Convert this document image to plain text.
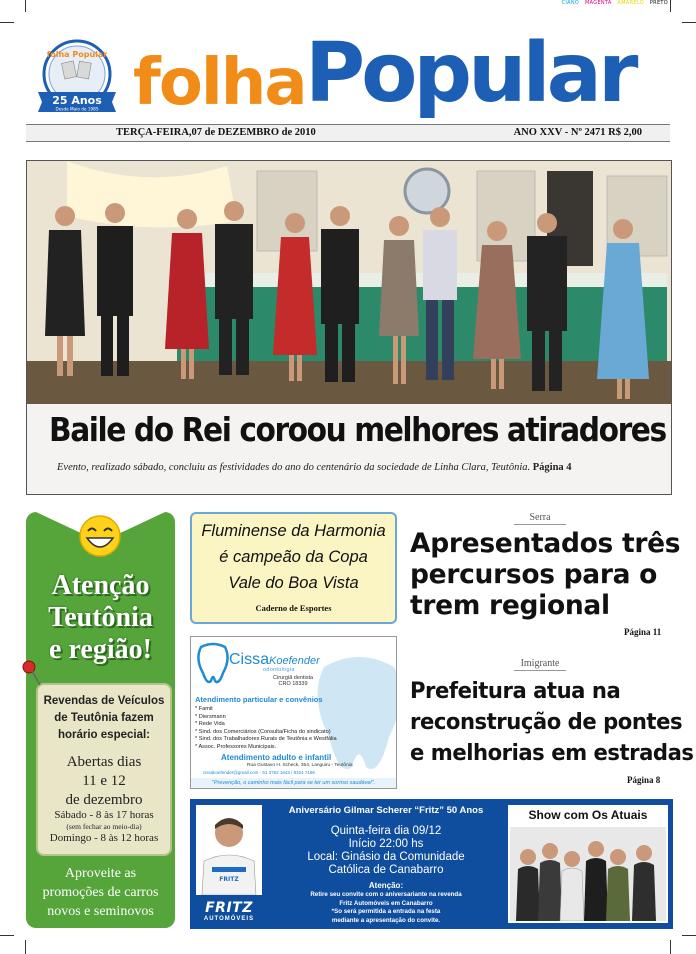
CIANO MAGENTA AMARELO PRETO
folha Popular
25 Anos
Desde Maio de 1985 folha Popular
TERÇA-FEIRA,07 de DEZEMBRO de 2010	ANO XXV - Nº 2471 R$ 2,00
Baile do Rei coroou melhores atiradores
Evento, realizado sábado, concluiu as festividades do ano do centenário da sociedade de Linha Clara, Teutônia. Página 4
Atenção
Teutônia
e região!
Aproveite as
promoções de carros
novos e seminovos
Revendas de Veículos
de Teutônia fazem
horário especial:
Abertas dias
11 e 12
de dezembro
Sábado - 8 às 17 horas
(sem fechar ao meio-dia)
Domingo - 8 às 12 horas
Fluminense da Harmonia
é campeão da Copa
Vale do Boa Vista
Caderno de Esportes
CissaKoefender
odontologia
Cirurgiã dentista
CRO 18339
Atendimento particular e convênios
* Famit
* Diersmann
* Rede Vida
* Sind. dos Comerciários (Consulta/Ficha do sindicato)
* Sind. dos Trabalhadores Rurais de Teutônia e Westfália
* Assoc. Professores Municipais.
Atendimento adulto e infantil
Rua Gustavo H. Scheck, 354, Languiru - Teutônia
cissakoefender@gmail.com - 51 3762 1643 / 9324 7166
"Prevenção, o caminho mais fácil para se ter um sorriso saudável".
Serra
Apresentados três
percursos para o
trem regional
Página 11
Imigrante
Prefeitura atua na
reconstrução de pontes
e melhorias em estradas
Página 8
FRITZ
FRITZ
AUTOMÓVEIS
Aniversário Gilmar Scherer “Fritz” 50 Anos
Quinta-feira dia 09/12
Início 22:00 hs
Local: Ginásio da Comunidade
Católica de Canabarro
Atenção:
Retire seu convite com o aniversariante na revenda
Fritz Automóveis em Canabarro
*So será permitida a entrada na festa
mediante a apresentação do convite.
Show com Os Atuais
